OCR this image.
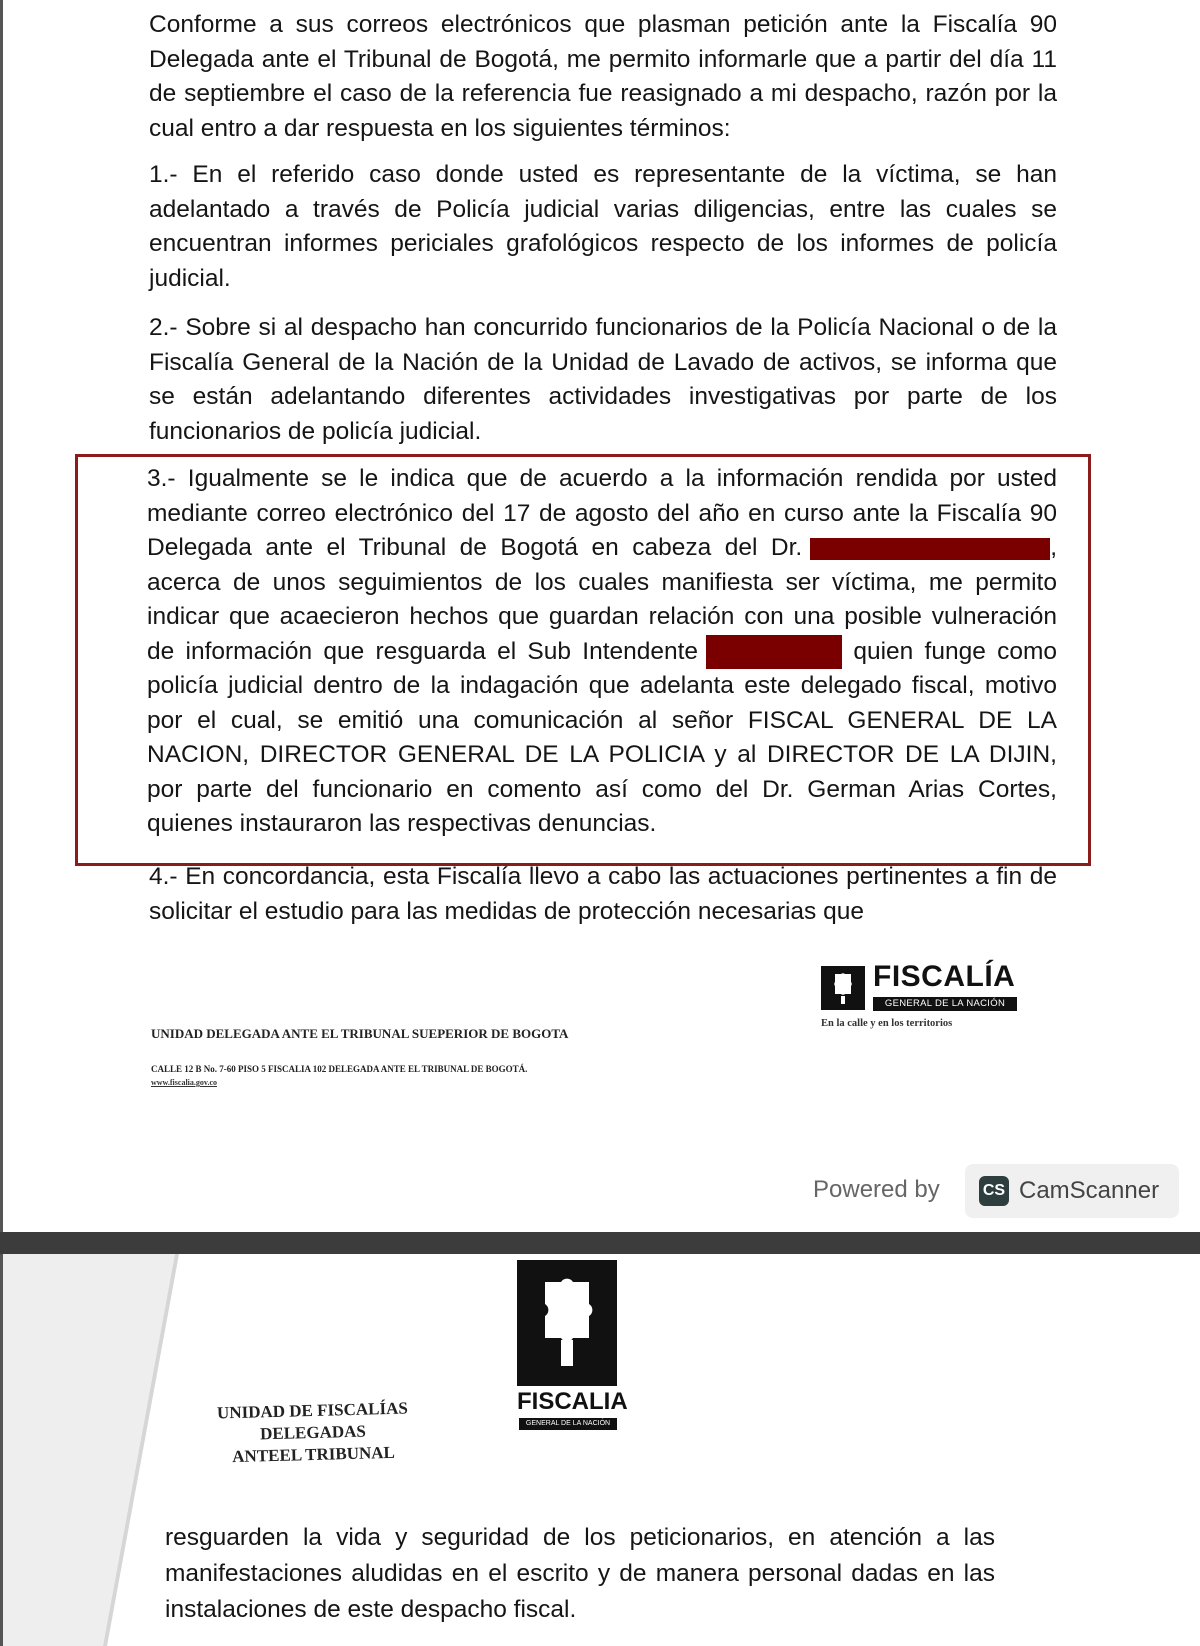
Conforme a sus correos electrónicos que plasman petición ante la Fiscalía 90 Delegada ante el Tribunal de Bogotá, me permito informarle que a partir del día 11 de septiembre el caso de la referencia fue reasignado a mi despacho, razón por la cual entro a dar respuesta en los siguientes términos:

1.- En el referido caso donde usted es representante de la víctima, se han adelantado a través de Policía judicial varias diligencias, entre las cuales se encuentran informes periciales grafológicos respecto de los informes de policía judicial.

2.- Sobre si al despacho han concurrido funcionarios de la Policía Nacional o de la Fiscalía General de la Nación de la Unidad de Lavado de activos, se informa que se están adelantando diferentes actividades investigativas por parte de los funcionarios de policía judicial.

3.- Igualmente se le indica que de acuerdo a la información rendida por usted mediante correo electrónico del 17 de agosto del año en curso ante la Fiscalía 90 Delegada ante el Tribunal de Bogotá en cabeza del Dr.	, acerca de unos seguimientos de los cuales manifiesta ser víctima, me permito indicar que acaecieron hechos que guardan relación con una posible vulneración de información que resguarda el Sub Intendente	quien funge como policía judicial dentro de la indagación que adelanta este delegado fiscal, motivo por el cual, se emitió una comunicación al señor FISCAL GENERAL DE LA NACION, DIRECTOR GENERAL DE LA POLICIA y al DIRECTOR DE LA DIJIN, por parte del funcionario en comento así como del Dr. German Arias Cortes, quienes instauraron las respectivas denuncias.

4.- En concordancia, esta Fiscalía llevo a cabo las actuaciones pertinentes a fin de solicitar el estudio para las medidas de protección necesarias que

FISCALÍA
GENERAL DE LA NACIÓN
En la calle y en los territorios
UNIDAD DELEGADA ANTE EL TRIBUNAL SUEPERIOR DE BOGOTA
CALLE 12 B No. 7-60 PISO 5 FISCALIA 102 DELEGADA ANTE EL TRIBUNAL DE BOGOTÁ.
www.fiscalia.gov.co
Powered by	CS CamScanner
UNIDAD DE FISCALÍAS DELEGADAS
ANTEEL TRIBUNAL
FISCALIA
GENERAL DE LA NACIÓN

resguarden la vida y seguridad de los peticionarios, en atención a las manifestaciones aludidas en el escrito y de manera personal dadas en las instalaciones de este despacho fiscal.
